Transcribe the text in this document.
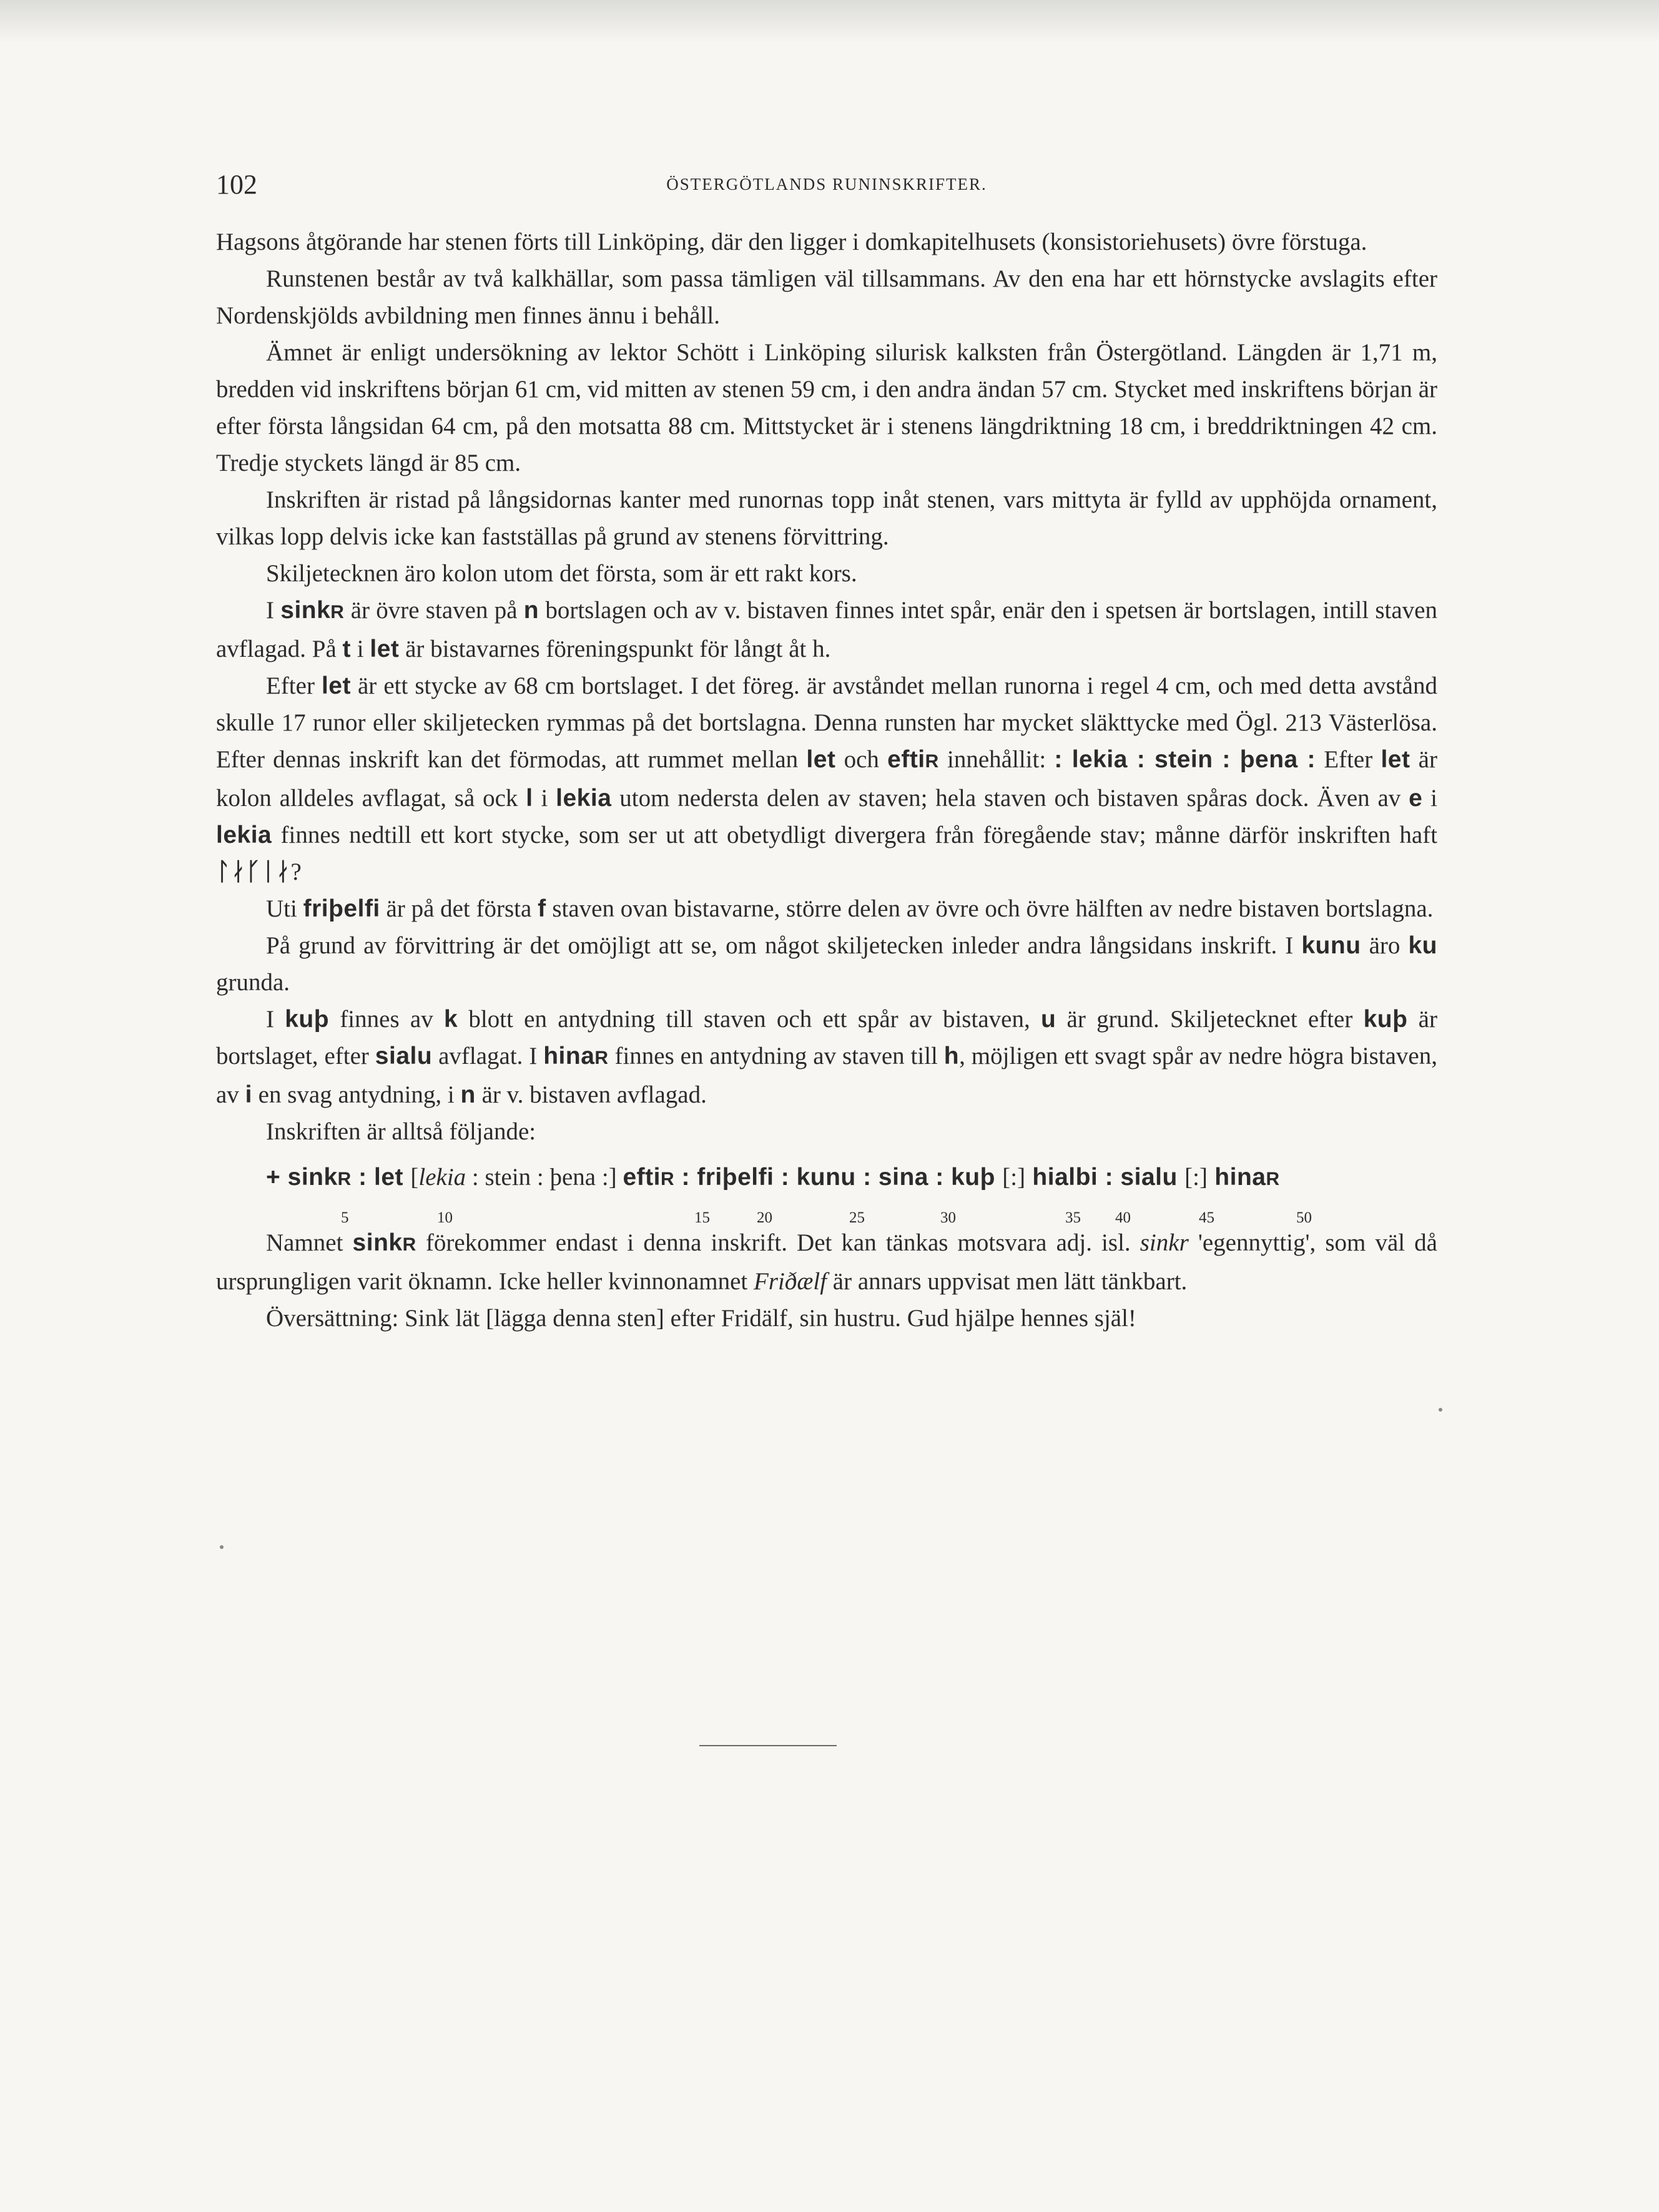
102	ÖSTERGÖTLANDS RUNINSKRIFTER.

Hagsons åtgörande har stenen förts till Linköping, där den ligger i domkapitelhusets (konsistoriehusets) övre förstuga.

Runstenen består av två kalkhällar, som passa tämligen väl tillsammans. Av den ena har ett hörnstycke avslagits efter Nordenskjölds avbildning men finnes ännu i behåll.

Ämnet är enligt undersökning av lektor Schött i Linköping silurisk kalksten från Östergötland. Längden är 1,71 m, bredden vid inskriftens början 61 cm, vid mitten av stenen 59 cm, i den andra ändan 57 cm. Stycket med inskriftens början är efter första långsidan 64 cm, på den motsatta 88 cm. Mittstycket är i stenens längdriktning 18 cm, i breddriktningen 42 cm. Tredje styckets längd är 85 cm.

Inskriften är ristad på långsidornas kanter med runornas topp inåt stenen, vars mittyta är fylld av upphöjda ornament, vilkas lopp delvis icke kan fastställas på grund av stenens förvittring.

Skiljetecknen äro kolon utom det första, som är ett rakt kors.

I sinkR är övre staven på n bortslagen och av v. bistaven finnes intet spår, enär den i spetsen är bortslagen, intill staven avflagad. På t i let är bistavarnes föreningspunkt för långt åt h.

Efter let är ett stycke av 68 cm bortslaget. I det föreg. är avståndet mellan runorna i regel 4 cm, och med detta avstånd skulle 17 runor eller skiljetecken rymmas på det bortslagna. Denna runsten har mycket släkttycke med Ögl. 213 Västerlösa. Efter dennas inskrift kan det förmodas, att rummet mellan let och eftiR innehållit: : lekia : stein : þena : Efter let är kolon alldeles avflagat, så ock l i lekia utom nedersta delen av staven; hela staven och bistaven spåras dock. Även av e i lekia finnes nedtill ett kort stycke, som ser ut att obetydligt divergera från föregående stav; månne därför inskriften haft ᛚᛅᚴᛁᛅ?

Uti friþelfi är på det första f staven ovan bistavarne, större delen av övre och övre hälften av nedre bistaven bortslagna.

På grund av förvittring är det omöjligt att se, om något skiljetecken inleder andra långsidans inskrift. I kunu äro ku grunda.

I kuþ finnes av k blott en antydning till staven och ett spår av bistaven, u är grund. Skiljetecknet efter kuþ är bortslaget, efter sialu avflagat. I hinaR finnes en antydning av staven till h, möjligen ett svagt spår av nedre högra bistaven, av i en svag antydning, i n är v. bistaven avflagad.

Inskriften är alltså följande:

+ sinkR : let [lekia : stein : þena :] eftiR : friþelfi : kunu : sina : kuþ [:] hialbi : sialu [:] hinaR
5	10	15	20	25	30	35 40	45	50

Namnet sinkR förekommer endast i denna inskrift. Det kan tänkas motsvara adj. isl. sinkr 'egennyttig', som väl då ursprungligen varit öknamn. Icke heller kvinnonamnet Friðælf är annars uppvisat men lätt tänkbart.

Översättning: Sink lät [lägga denna sten] efter Fridälf, sin hustru. Gud hjälpe hennes själ!
